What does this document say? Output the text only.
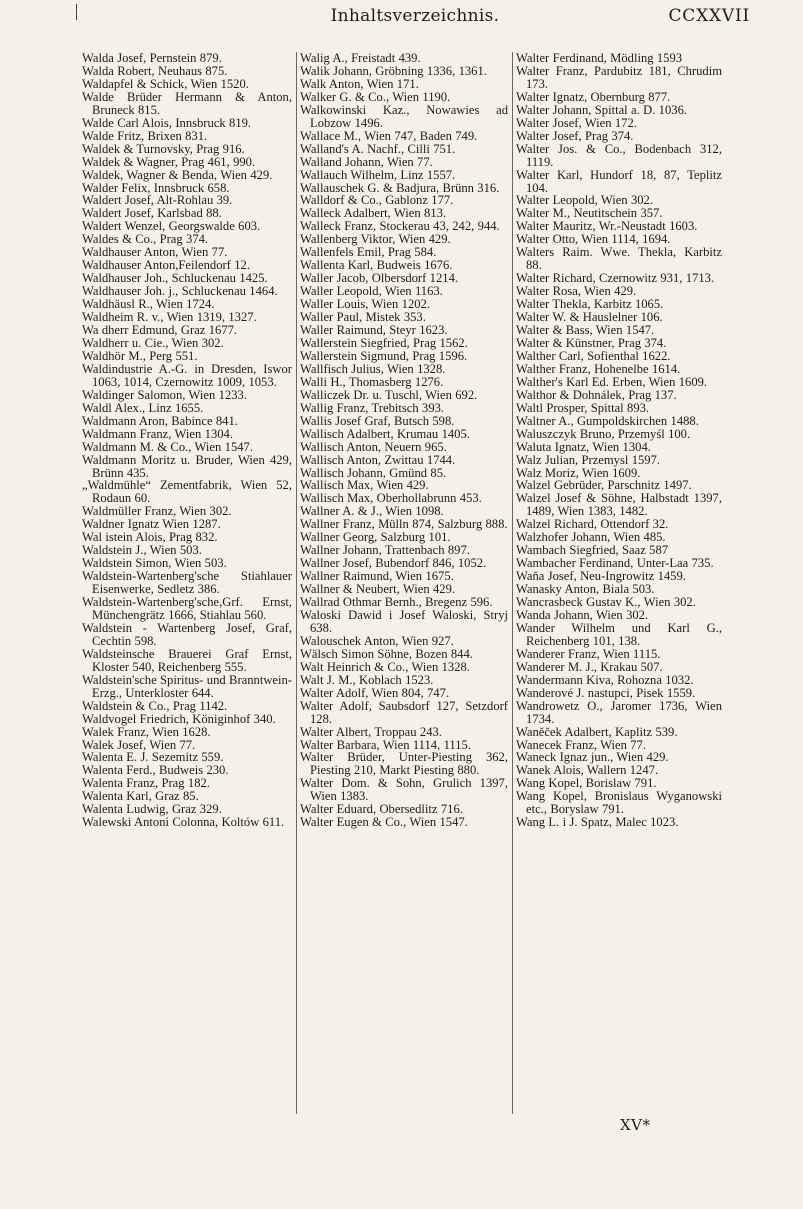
Inhaltsverzeichnis.	CCXXVII
Walda Josef, Pernstein 879.
Walda Robert, Neuhaus 875.
Waldapfel & Schick, Wien 1520.
Walde Brüder Hermann & Anton, Bruneck 815.
Walde Carl Alois, Innsbruck 819.
Walde Fritz, Brixen 831.
Waldek & Turnovsky, Prag 916.
Waldek & Wagner, Prag 461, 990.
Waldek, Wagner & Benda, Wien 429.
Walder Felix, Innsbruck 658.
Waldert Josef, Alt-Rohlau 39.
Waldert Josef, Karlsbad 88.
Waldert Wenzel, Georgswalde 603.
Waldes & Co., Prag 374.
Waldhauser Anton, Wien 77.
Waldhauser Anton,Feilendorf 12.
Waldhauser Joh., Schluckenau 1425.
Waldhauser Joh. j., Schluckenau 1464.
Waldhäusl R., Wien 1724.
Waldheim R. v., Wien 1319, 1327.
Wa dherr Edmund, Graz 1677.
Waldherr u. Cie., Wien 302.
Waldhör M., Perg 551.
Waldindustrie A.-G. in Dresden, Iswor 1063, 1014, Czernowitz 1009, 1053.
Waldinger Salomon, Wien 1233.
Waldl Alex., Linz 1655.
Waldmann Aron, Babince 841.
Waldmann Franz, Wien 1304.
Waldmann M. & Co., Wien 1547.
Waldmann Moritz u. Bruder, Wien 429, Brünn 435.
„Waldmühle“ Zementfabrik, Wien 52, Rodaun 60.
Waldmüller Franz, Wien 302.
Waldner Ignatz Wien 1287.
Wal istein Alois, Prag 832.
Waldstein J., Wien 503.
Waldstein Simon, Wien 503.
Waldstein-Wartenberg'sche Stiahlauer Eisenwerke, Sedletz 386.
Waldstein-Wartenberg'sche,Grf. Ernst, Münchengrätz 1666, Stiahlau 560.
Waldstein - Wartenberg Josef, Graf, Cechtin 598.
Waldsteinsche Brauerei Graf Ernst, Kloster 540, Reichenberg 555.
Waldstein'sche Spiritus- und Branntwein-Erzg., Unterkloster 644.
Waldstein & Co., Prag 1142.
Waldvogel Friedrich, Königinhof 340.
Walek Franz, Wien 1628.
Walek Josef, Wien 77.
Walenta E. J. Sezemitz 559.
Walenta Ferd., Budweis 230.
Walenta Franz, Prag 182.
Walenta Karl, Graz 85.
Walenta Ludwig, Graz 329.
Walewski Antoni Colonna, Koltów 611.
Walig A., Freistadt 439.
Walik Johann, Gröbning 1336, 1361.
Walk Anton, Wien 171.
Walker G. & Co., Wien 1190.
Walkowinski Kaz., Nowawies ad Lobzow 1496.
Wallace M., Wien 747, Baden 749.
Walland's A. Nachf., Cilli 751.
Walland Johann, Wien 77.
Wallauch Wilhelm, Linz 1557.
Wallauschek G. & Badjura, Brünn 316.
Walldorf & Co., Gablonz 177.
Walleck Adalbert, Wien 813.
Walleck Franz, Stockerau 43, 242, 944.
Wallenberg Viktor, Wien 429.
Wallenfels Emil, Prag 584.
Wallenta Karl, Budweis 1676.
Waller Jacob, Olbersdorf 1214.
Waller Leopold, Wien 1163.
Waller Louis, Wien 1202.
Waller Paul, Mistek 353.
Waller Raimund, Steyr 1623.
Wallerstein Siegfried, Prag 1562.
Wallerstein Sigmund, Prag 1596.
Wallfisch Julius, Wien 1328.
Walli H., Thomasberg 1276.
Walliczek Dr. u. Tuschl, Wien 692.
Wallig Franz, Trebitsch 393.
Wallis Josef Graf, Butsch 598.
Wallisch Adalbert, Krumau 1405.
Wallisch Anton, Neuern 965.
Wallisch Anton, Zwittau 1744.
Wallisch Johann, Gmünd 85.
Wallisch Max, Wien 429.
Wallisch Max, Oberhollabrunn 453.
Wallner A. & J., Wien 1098.
Wallner Franz, Mülln 874, Salzburg 888.
Wallner Georg, Salzburg 101.
Wallner Johann, Trattenbach 897.
Wallner Josef, Bubendorf 846, 1052.
Wallner Raimund, Wien 1675.
Wallner & Neubert, Wien 429.
Wallrad Othmar Bernh., Bregenz 596.
Waloski Dawid i Josef Waloski, Stryj 638.
Walouschek Anton, Wien 927.
Wälsch Simon Söhne, Bozen 844.
Walt Heinrich & Co., Wien 1328.
Walt J. M., Koblach 1523.
Walter Adolf, Wien 804, 747.
Walter Adolf, Saubsdorf 127, Setzdorf 128.
Walter Albert, Troppau 243.
Walter Barbara, Wien 1114, 1115.
Walter Brüder, Unter-Piesting 362, Piesting 210, Markt Piesting 880.
Walter Dom. & Sohn, Grulich 1397, Wien 1383.
Walter Eduard, Obersedlitz 716.
Walter Eugen & Co., Wien 1547.
Walter Ferdinand, Mödling 1593
Walter Franz, Pardubitz 181, Chrudim 173.
Walter Ignatz, Obernburg 877.
Walter Johann, Spittal a. D. 1036.
Walter Josef, Wien 172.
Walter Josef, Prag 374.
Walter Jos. & Co., Bodenbach 312, 1119.
Walter Karl, Hundorf 18, 87, Teplitz 104.
Walter Leopold, Wien 302.
Walter M., Neutitschein 357.
Walter Mauritz, Wr.-Neustadt 1603.
Walter Otto, Wien 1114, 1694.
Walters Raim. Wwe. Thekla, Karbitz 88.
Walter Richard, Czernowitz 931, 1713.
Walter Rosa, Wien 429.
Walter Thekla, Karbitz 1065.
Walter W. & Hauslelner 106.
Walter & Bass, Wien 1547.
Walter & Künstner, Prag 374.
Walther Carl, Sofienthal 1622.
Walther Franz, Hohenelbe 1614.
Walther's Karl Ed. Erben, Wien 1609.
Walthor & Dohnálek, Prag 137.
Waltl Prosper, Spittal 893.
Waltner A., Gumpoldskirchen 1488.
Waluszczyk Bruno, Przemyśl 100.
Waluta Ignatz, Wien 1304.
Walz Julian, Przemysl 1597.
Walz Moriz, Wien 1609.
Walzel Gebrüder, Parschnitz 1497.
Walzel Josef & Söhne, Halbstadt 1397, 1489, Wien 1383, 1482.
Walzel Richard, Ottendorf 32.
Walzhofer Johann, Wien 485.
Wambach Siegfried, Saaz 587
Wambacher Ferdinand, Unter-Laa 735.
Waňa Josef, Neu-Ingrowitz 1459.
Wanasky Anton, Biala 503.
Wancrasbeck Gustav K., Wien 302.
Wanda Johann, Wien 302.
Wander Wilhelm und Karl G., Reichenberg 101, 138.
Wanderer Franz, Wien 1115.
Wanderer M. J., Krakau 507.
Wandermann Kiva, Rohozna 1032.
Wanderové J. nastupci, Pisek 1559.
Wandrowetz O., Jaromer 1736, Wien 1734.
Waněček Adalbert, Kaplitz 539.
Wanecek Franz, Wien 77.
Waneck Ignaz jun., Wien 429.
Wanek Alois, Wallern 1247.
Wang Kopel, Borislaw 791.
Wang Kopel, Bronislaus Wyganowski etc., Boryslaw 791.
Wang L. i J. Spatz, Malec 1023.
XV*
